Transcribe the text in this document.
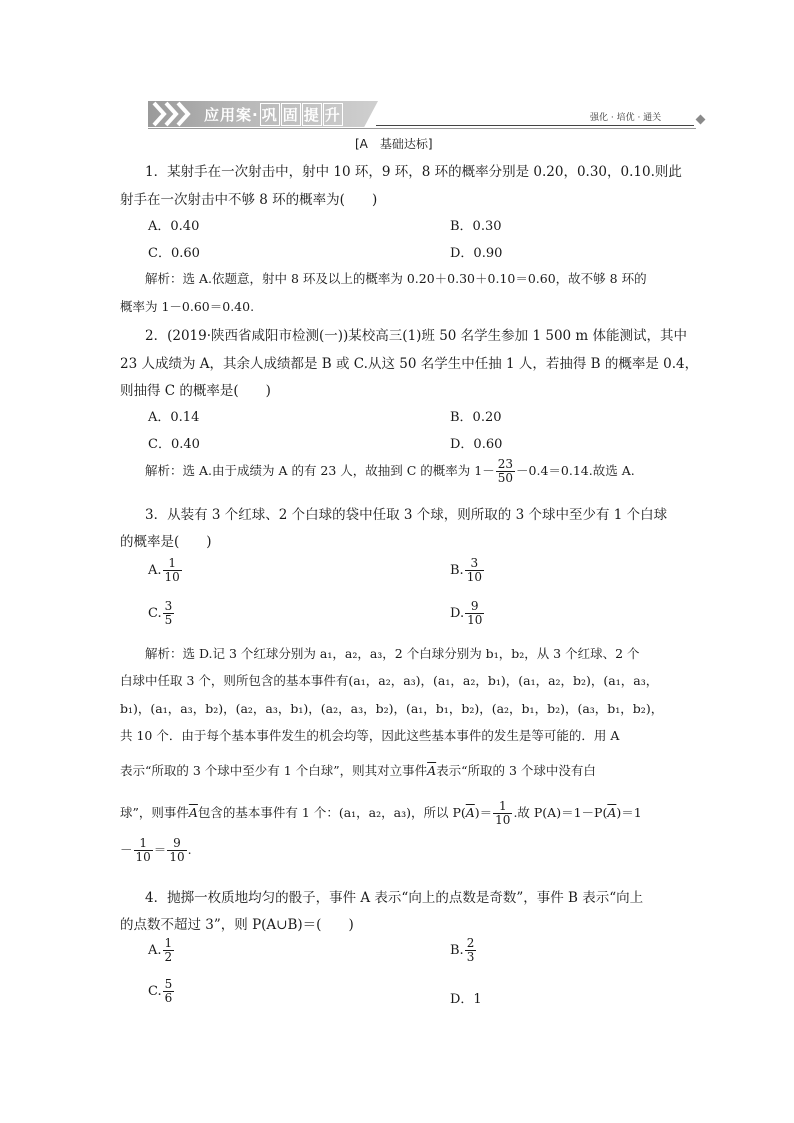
应用案· 巩 固 提 升	强化 · 培优 · 通关
[A　基础达标]
1．某射手在一次射击中，射中 10 环，9 环，8 环的概率分别是 0.20，0.30，0.10.则此
射手在一次射击中不够 8 环的概率为(　　)
A．0.40	B．0.30
C．0.60	D．0.90
解析：选 A.依题意，射中 8 环及以上的概率为 0.20＋0.30＋0.10＝0.60，故不够 8 环的
概率为 1－0.60＝0.40.
2．(2019·陕西省咸阳市检测(一))某校高三(1)班 50 名学生参加 1 500 m 体能测试，其中
23 人成绩为 A，其余人成绩都是 B 或 C.从这 50 名学生中任抽 1 人，若抽得 B 的概率是 0.4，
则抽得 C 的概率是(　　)
A．0.14	B．0.20
C．0.40	D．0.60
解析：选 A.由于成绩为 A 的有 23 人，故抽到 C 的概率为 $1- \frac{23}{50} -0.4=0.14$.故选 A.
3．从装有 3 个红球、2 个白球的袋中任取 3 个球，则所取的 3 个球中至少有 1 个白球
的概率是(　　)
A. $\frac{1}{10}$	B. $\frac{3}{10}$
C. $\frac{3}{5}$	D. $\frac{9}{10}$
解析：选 D.记 3 个红球分别为 a₁，a₂，a₃，2 个白球分别为 b₁，b₂，从 3 个红球、2 个
白球中任取 3 个，则所包含的基本事件有(a₁，a₂，a₃)，(a₁，a₂，b₁)，(a₁，a₂，b₂)，(a₁，a₃，
b₁)，(a₁，a₃，b₂)，(a₂，a₃，b₁)，(a₂，a₃，b₂)，(a₁，b₁，b₂)，(a₂，b₁，b₂)，(a₃，b₁，b₂)，
共 10 个．由于每个基本事件发生的机会均等，因此这些基本事件的发生是等可能的．用 A
表示“所取的 3 个球中至少有 1 个白球”，则其对立事件$\overline{A}$表示“所取的 3 个球中没有白
球”，则事件$\overline{A}$包含的基本事件有 1 个：(a₁，a₂，a₃)，所以 $P(\overline{A})= \frac{1}{10}$ .故 $P(A)=1-P(\overline{A})=1$
－ $\frac{1}{10} = \frac{9}{10}$ .
4．抛掷一枚质地均匀的骰子，事件 A 表示“向上的点数是奇数”，事件 B 表示“向上
的点数不超过 3”，则 P(A∪B)＝(　　)
A. $\frac{1}{2}$	B. $\frac{2}{3}$
C. $\frac{5}{6}$	D．1
